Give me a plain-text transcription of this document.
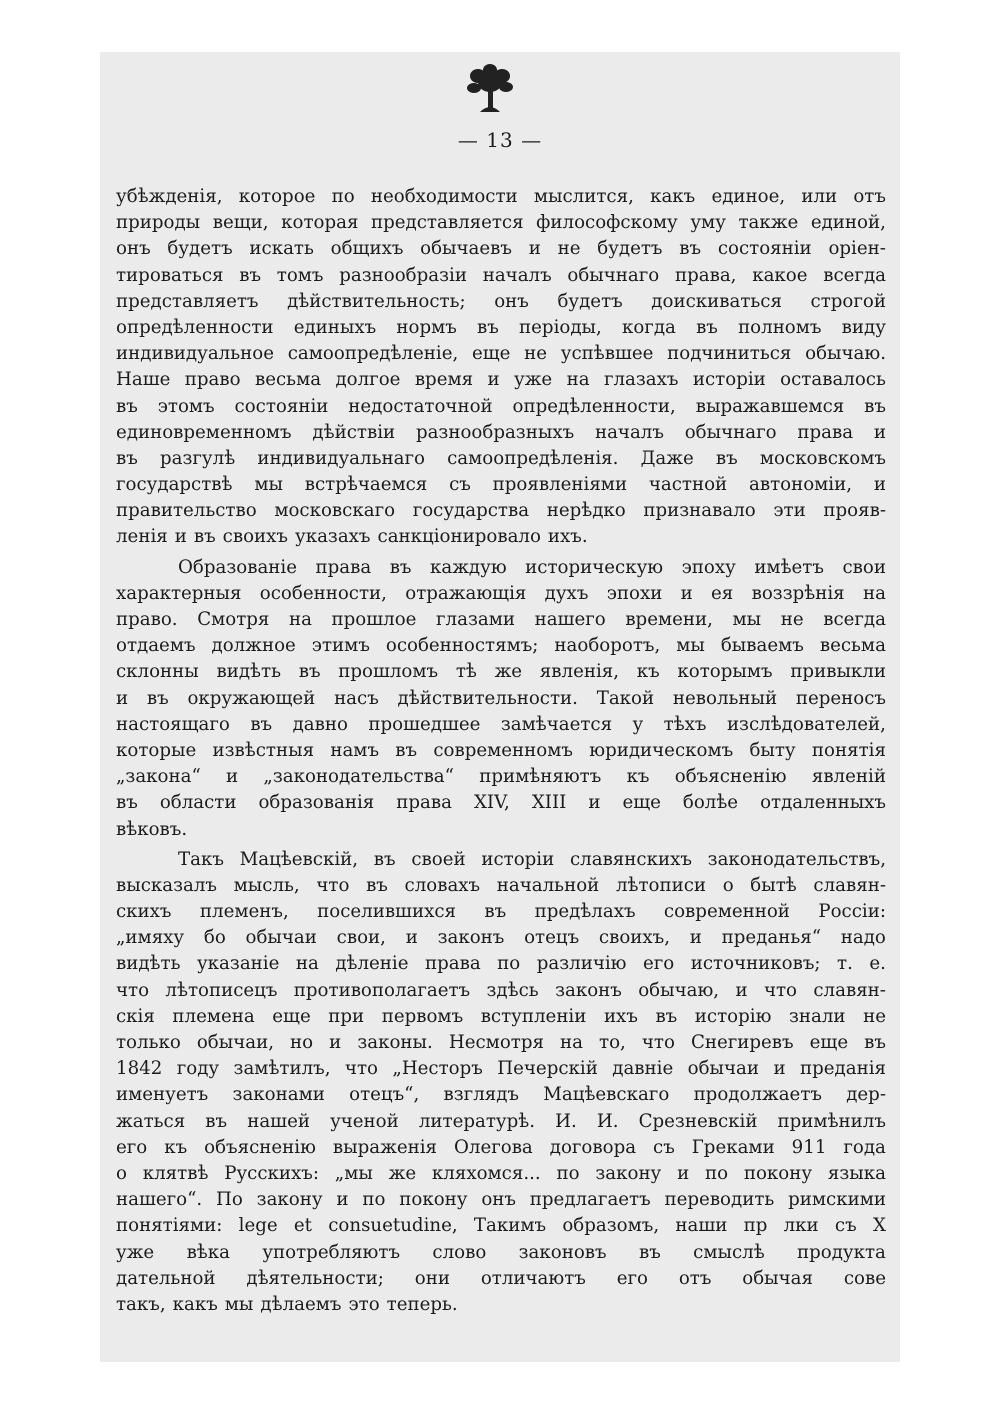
— 13 —
убѣжденія, которое по необходимости мыслится, какъ единое, или отъ
природы вещи, которая представляется философскому уму также единой,
онъ будетъ искать общихъ обычаевъ и не будетъ въ состояніи оріен-
тироваться въ томъ разнообразіи началъ обычнаго права, какое всегда
представляетъ дѣйствительность; онъ будетъ доискиваться строгой
опредѣленности единыхъ нормъ въ періоды, когда въ полномъ виду
индивидуальное самоопредѣленіе, еще не успѣвшее подчиниться обычаю.
Наше право весьма долгое время и уже на глазахъ исторіи оставалось
въ этомъ состояніи недостаточной опредѣленности, выражавшемся въ
единовременномъ дѣйствіи разнообразныхъ началъ обычнаго права и
въ разгулѣ индивидуальнаго самоопредѣленія. Даже въ московскомъ
государствѣ мы встрѣчаемся съ проявленіями частной автономіи, и
правительство московскаго государства нерѣдко признавало эти прояв-
ленія и въ своихъ указахъ санкціонировало ихъ.
Образованіе права въ каждую историческую эпоху имѣетъ свои
характерныя особенности, отражающія духъ эпохи и ея воззрѣнія на
право. Смотря на прошлое глазами нашего времени, мы не всегда
отдаемъ должное этимъ особенностямъ; наоборотъ, мы бываемъ весьма
склонны видѣть въ прошломъ тѣ же явленія, къ которымъ привыкли
и въ окружающей насъ дѣйствительности. Такой невольный переносъ
настоящаго въ давно прошедшее замѣчается у тѣхъ изслѣдователей,
которые извѣстныя намъ въ современномъ юридическомъ быту понятія
„закона“ и „законодательства“ примѣняютъ къ объясненію явленій
въ области образованія права XIV, XIII и еще болѣе отдаленныхъ
вѣковъ.
Такъ Мацѣевскій, въ своей исторіи славянскихъ законодательствъ,
высказалъ мысль, что въ словахъ начальной лѣтописи о бытѣ славян-
скихъ племенъ, поселившихся въ предѣлахъ современной Россіи:
„имяху бо обычаи свои, и законъ отецъ своихъ, и преданья“ надо
видѣть указаніе на дѣленіе права по различію его источниковъ; т. е.
что лѣтописецъ противополагаетъ здѣсь законъ обычаю, и что славян-
скія племена еще при первомъ вступленіи ихъ въ исторію знали не
только обычаи, но и законы. Несмотря на то, что Снегиревъ еще въ
1842 году замѣтилъ, что „Несторъ Печерскій давніе обычаи и преданія
именуетъ законами отецъ“, взглядъ Мацѣевскаго продолжаетъ дер-
жаться въ нашей ученой литературѣ. И. И. Срезневскій примѣнилъ
его къ объясненію выраженія Олегова договора съ Греками 911 года
о клятвѣ Русскихъ: „мы же кляхомся... по закону и по покону языка
нашего“. По закону и по покону онъ предлагаетъ переводить римскими
понятіями: lege et consuetudine, Такимъ образомъ, наши пр лки съ X
уже вѣка употребляютъ слово законовъ въ смыслѣ продукта
дательной дѣятельности; они отличаютъ его отъ обычая сове
такъ, какъ мы дѣлаемъ это теперь.
